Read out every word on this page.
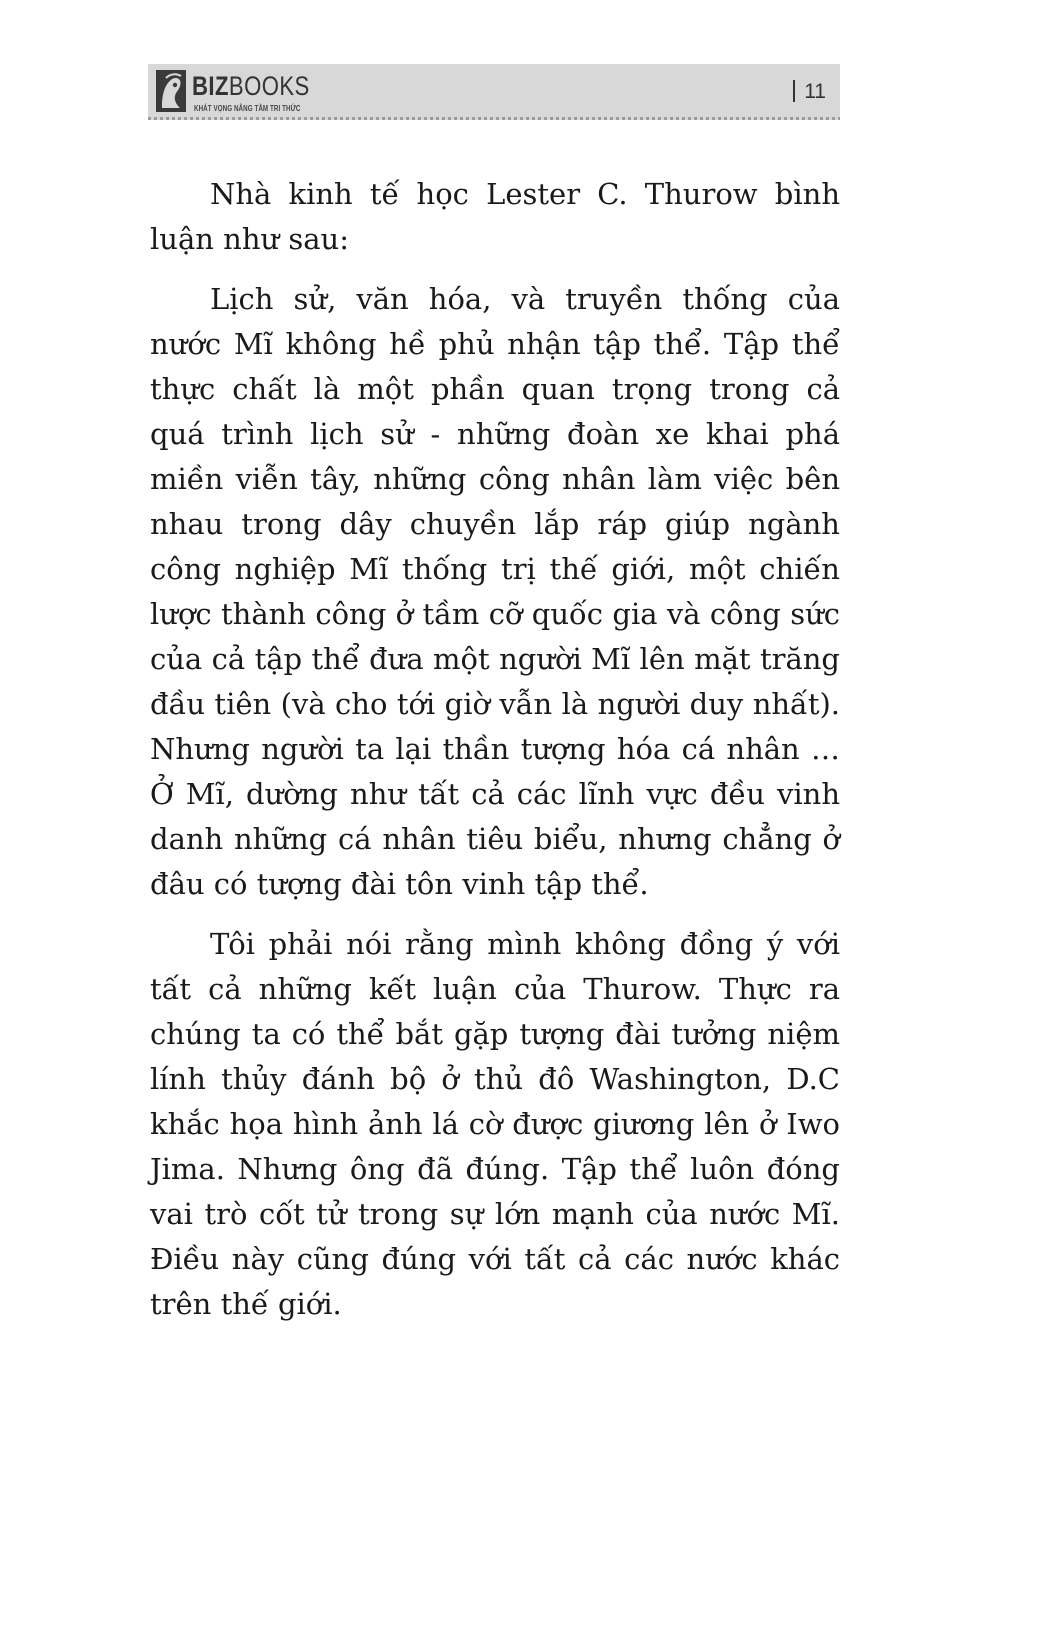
BIZBOOKS
KHÁT VỌNG NÂNG TẦM TRI THỨC
11

Nhà kinh tế học Lester C. Thurow bình luận như sau:

Lịch sử, văn hóa, và truyền thống của nước Mĩ không hề phủ nhận tập thể. Tập thể thực chất là một phần quan trọng trong cả quá trình lịch sử - những đoàn xe khai phá miền viễn tây, những công nhân làm việc bên nhau trong dây chuyền lắp ráp giúp ngành công nghiệp Mĩ thống trị thế giới, một chiến lược thành công ở tầm cỡ quốc gia và công sức của cả tập thể đưa một người Mĩ lên mặt trăng đầu tiên (và cho tới giờ vẫn là người duy nhất). Nhưng người ta lại thần tượng hóa cá nhân … Ở Mĩ, dường như tất cả các lĩnh vực đều vinh danh những cá nhân tiêu biểu, nhưng chẳng ở đâu có tượng đài tôn vinh tập thể.

Tôi phải nói rằng mình không đồng ý với tất cả những kết luận của Thurow. Thực ra chúng ta có thể bắt gặp tượng đài tưởng niệm lính thủy đánh bộ ở thủ đô Washington, D.C khắc họa hình ảnh lá cờ được giương lên ở Iwo Jima. Nhưng ông đã đúng. Tập thể luôn đóng vai trò cốt tử trong sự lớn mạnh của nước Mĩ. Điều này cũng đúng với tất cả các nước khác trên thế giới.
